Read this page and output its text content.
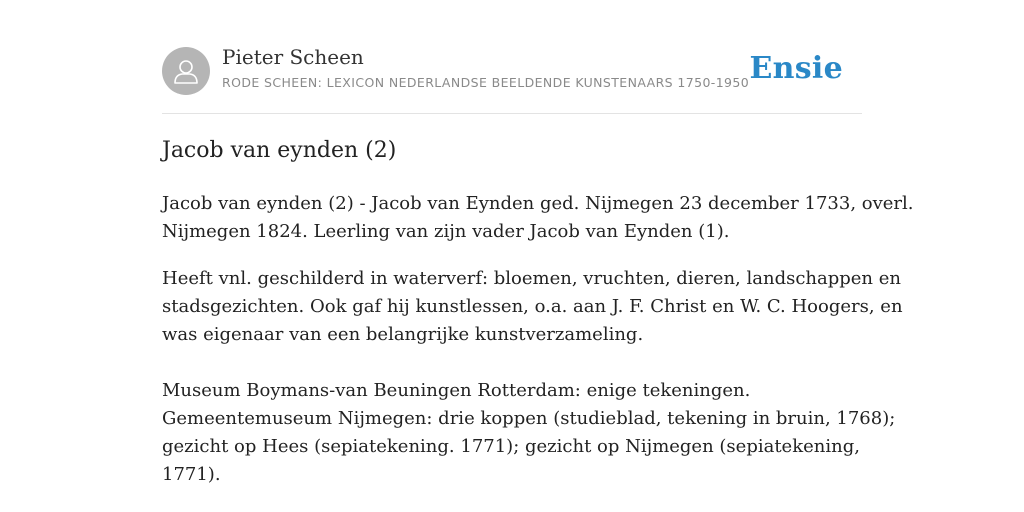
Pieter Scheen
RODE SCHEEN: LEXICON NEDERLANDSE BEELDENDE KUNSTENAARS 1750-1950 Ensie
Jacob van eynden (2)

Jacob van eynden (2) - Jacob van Eynden ged. Nijmegen 23 december 1733, overl.
Nijmegen 1824. Leerling van zijn vader Jacob van Eynden (1).

Heeft vnl. geschilderd in waterverf: bloemen, vruchten, dieren, landschappen en
stadsgezichten. Ook gaf hij kunstlessen, o.a. aan J. F. Christ en W. C. Hoogers, en
was eigenaar van een belangrijke kunstverzameling.
Museum Boymans-van Beuningen Rotterdam: enige tekeningen.
Gemeentemuseum Nijmegen: drie koppen (studieblad, tekening in bruin, 1768);
gezicht op Hees (sepiatekening. 1771); gezicht op Nijmegen (sepiatekening,
1771).
